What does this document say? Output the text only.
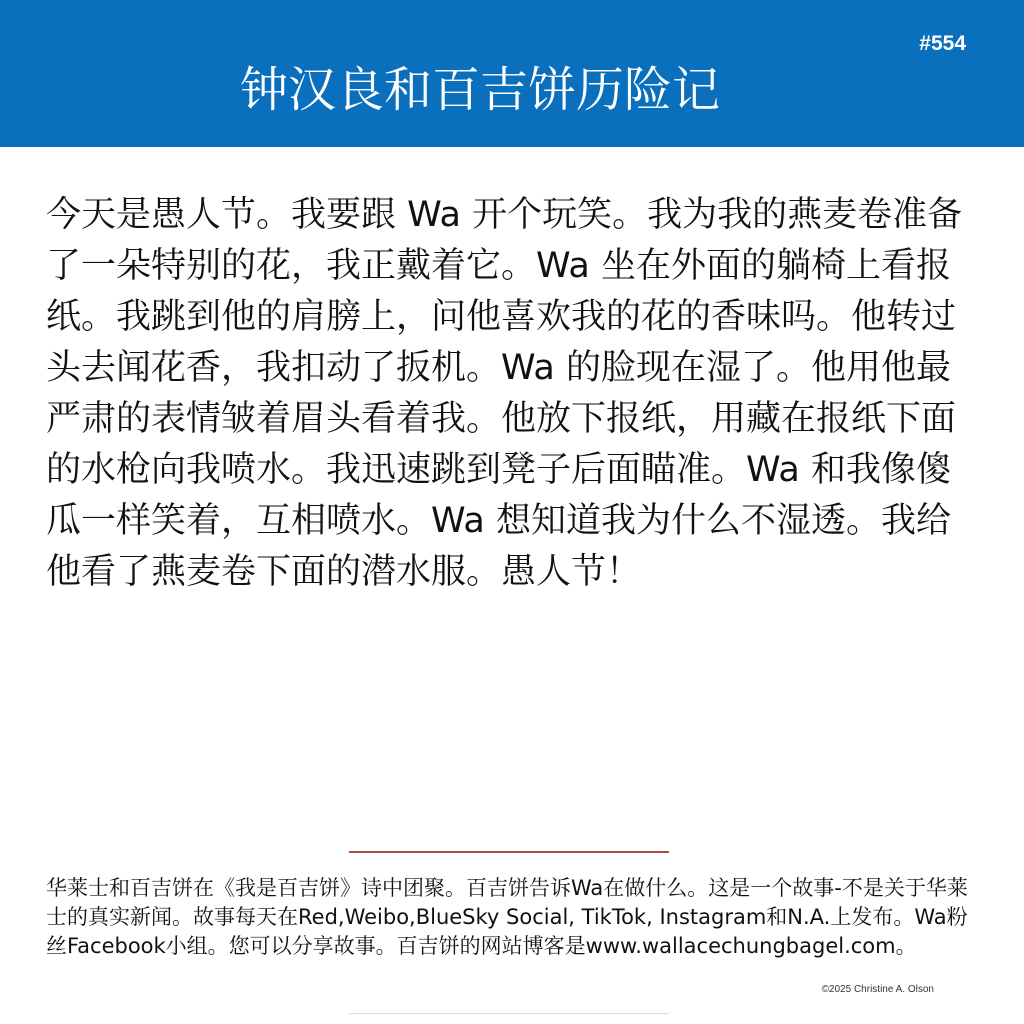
#554
钟汉良和百吉饼历险记
今天是愚人节。我要跟 Wa 开个玩笑。我为我的燕麦卷准备了一朵特别的花，我正戴着它。Wa 坐在外面的躺椅上看报纸。我跳到他的肩膀上，问他喜欢我的花的香味吗。他转过头去闻花香，我扣动了扳机。Wa 的脸现在湿了。他用他最严肃的表情皱着眉头看着我。他放下报纸，用藏在报纸下面的水枪向我喷水。我迅速跳到凳子后面瞄准。Wa 和我像傻瓜一样笑着，互相喷水。Wa 想知道我为什么不湿透。我给他看了燕麦卷下面的潜水服。愚人节！
华莱士和百吉饼在《我是百吉饼》诗中团聚。百吉饼告诉Wa在做什么。这是一个故事-不是关于华莱士的真实新闻。故事每天在Red,Weibo,BlueSky Social, TikTok, Instagram和N.A.上发布。Wa粉丝Facebook小组。您可以分享故事。百吉饼的网站博客是www.wallacechungbagel.com。
©2025 Christine A. Olson
